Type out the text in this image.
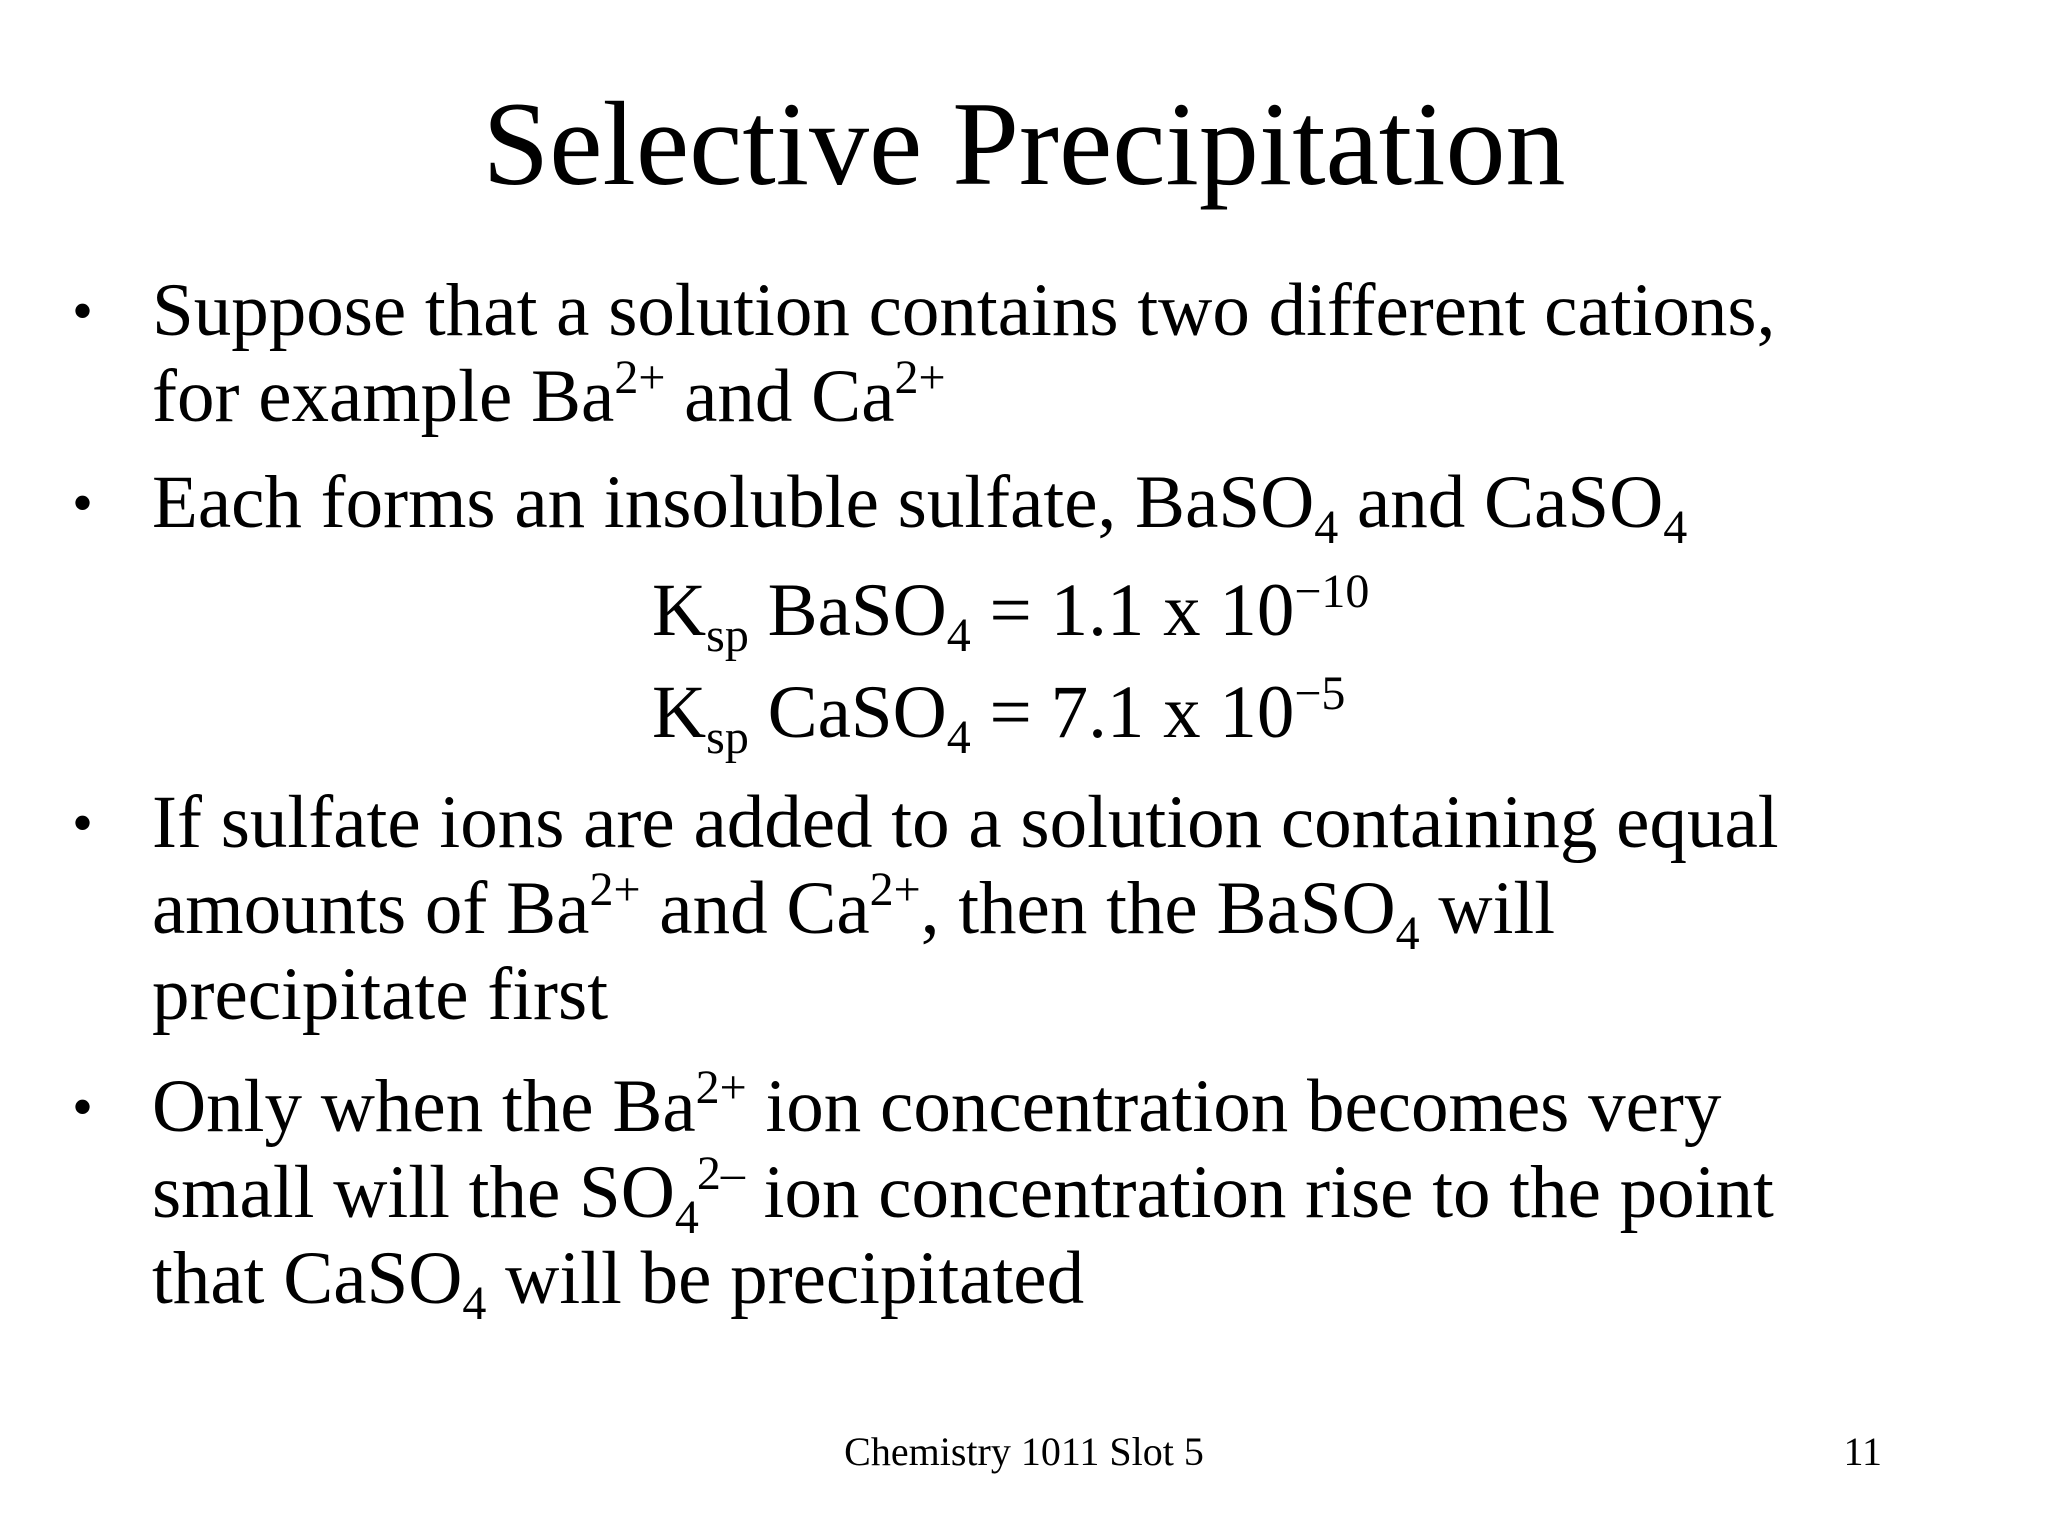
Selective Precipitation
• Suppose that a solution contains two different cations,
for example $Ba^{2+}$ and $Ca^{2+}$
• Each forms an insoluble sulfate, BaSO$_4$ and CaSO$_4$
$K_{sp}$ BaSO$_4$ = 1.1 x $10^{-10}$
$K_{sp}$ CaSO$_4$ = 7.1 x $10^{-5}$
• If sulfate ions are added to a solution containing equal
amounts of $Ba^{2+}$ and $Ca^{2+}$, then the BaSO$_4$ will
precipitate first
• Only when the $Ba^{2+}$ ion concentration becomes very
small will the $SO_4^{2-}$ ion concentration rise to the point
that CaSO$_4$ will be precipitated
Chemistry 1011 Slot 5	11
